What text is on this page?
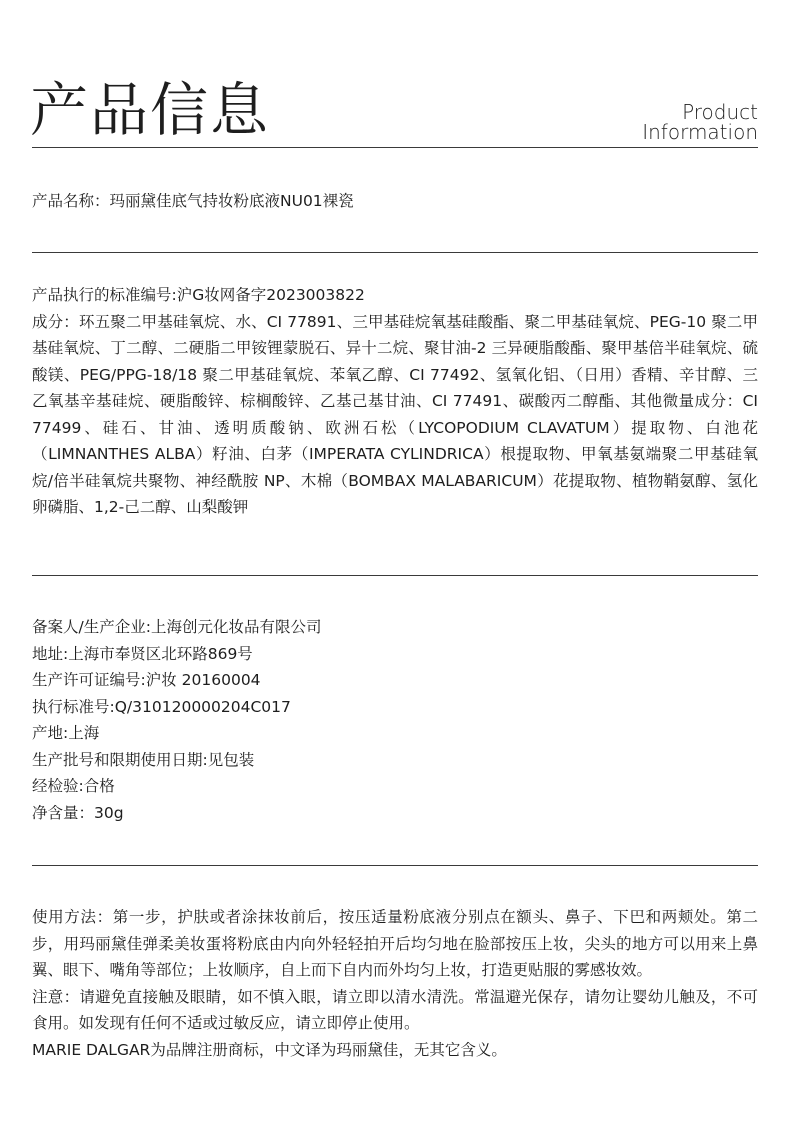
产品信息	Product
Information
产品名称：玛丽黛佳底气持妆粉底液NU01裸瓷
产品执行的标准编号:沪G妆网备字2023003822
成分：环五聚二甲基硅氧烷、水、CI 77891、三甲基硅烷氧基硅酸酯、聚二甲基硅氧烷、PEG-10 聚二甲基硅氧烷、丁二醇、二硬脂二甲铵锂蒙脱石、异十二烷、聚甘油-2 三异硬脂酸酯、聚甲基倍半硅氧烷、硫酸镁、PEG/PPG-18/18 聚二甲基硅氧烷、苯氧乙醇、CI 77492、氢氧化铝、（日用）香精、辛甘醇、三乙氧基辛基硅烷、硬脂酸锌、棕榈酸锌、乙基己基甘油、CI 77491、碳酸丙二醇酯、其他微量成分：CI 77499、硅石、甘油、透明质酸钠、欧洲石松（LYCOPODIUM CLAVATUM）提取物、白池花（LIMNANTHES ALBA）籽油、白茅（IMPERATA CYLINDRICA）根提取物、甲氧基氨端聚二甲基硅氧烷/倍半硅氧烷共聚物、神经酰胺 NP、木棉（BOMBAX MALABARICUM）花提取物、植物鞘氨醇、氢化卵磷脂、1,2-己二醇、山梨酸钾
备案人/生产企业:上海创元化妆品有限公司
地址:上海市奉贤区北环路869号
生产许可证编号:沪妆 20160004
执行标准号:Q/310120000204C017
产地:上海
生产批号和限期使用日期:见包装
经检验:合格
净含量：30g
使用方法：第一步，护肤或者涂抹妆前后，按压适量粉底液分别点在额头、鼻子、下巴和两颊处。第二步，用玛丽黛佳弹柔美妆蛋将粉底由内向外轻轻拍开后均匀地在脸部按压上妆，尖头的地方可以用来上鼻翼、眼下、嘴角等部位；上妆顺序，自上而下自内而外均匀上妆，打造更贴服的雾感妆效。
注意：请避免直接触及眼睛，如不慎入眼，请立即以清水清洗。常温避光保存，请勿让婴幼儿触及，不可食用。如发现有任何不适或过敏反应，请立即停止使用。
MARIE DALGAR为品牌注册商标，中文译为玛丽黛佳，无其它含义。
